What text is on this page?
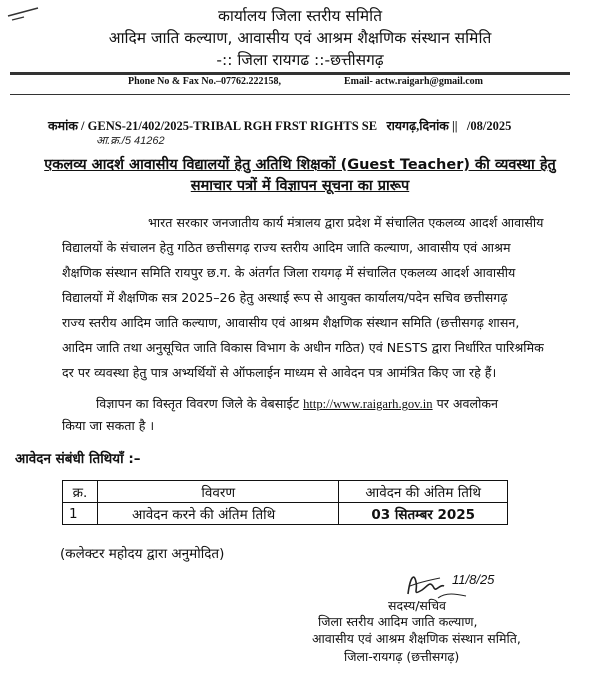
कार्यालय जिला स्तरीय समिति
आदिम जाति कल्याण, आवासीय एवं आश्रम शैक्षणिक संस्थान समिति
-:: जिला रायगढ ::-छत्तीसगढ़
Phone No & Fax No.–07762.222158,	Email- actw.raigarh@gmail.com
कमांक / GENS-21/402/2025-TRIBAL RGH FRST RIGHTS SE रायगढ़,दिनांक || /08/2025
आ.क्र./5 41262
एकलव्य आदर्श आवासीय विद्यालयों हेतु अतिथि शिक्षकों (Guest Teacher) की व्यवस्था हेतु
समाचार पत्रों में विज्ञापन सूचना का प्रारूप
भारत सरकार जनजातीय कार्य मंत्रालय द्वारा प्रदेश में संचालित एकलव्य आदर्श आवासीय
विद्यालयों के संचालन हेतु गठित छत्तीसगढ़ राज्य स्तरीय आदिम जाति कल्याण, आवासीय एवं आश्रम
शैक्षणिक संस्थान समिति रायपुर छ.ग. के अंतर्गत जिला रायगढ़ में संचालित एकलव्य आदर्श आवासीय
विद्यालयों में शैक्षणिक सत्र 2025–26 हेतु अस्थाई रूप से आयुक्त कार्यालय/पदेन सचिव छत्तीसगढ़
राज्य स्तरीय आदिम जाति कल्याण, आवासीय एवं आश्रम शैक्षणिक संस्थान समिति (छत्तीसगढ़ शासन,
आदिम जाति तथा अनुसूचित जाति विकास विभाग के अधीन गठित) एवं NESTS द्वारा निर्धारित पारिश्रमिक
दर पर व्यवस्था हेतु पात्र अभ्यर्थियों से ऑफलाईन माध्यम से आवेदन पत्र आमंत्रित किए जा रहे हैं।
विज्ञापन का विस्तृत विवरण जिले के वेबसाईट http://www.raigarh.gov.in पर अवलोकन
किया जा सकता है ।
आवेदन संबंधी तिथियाँ :–
क्र.	विवरण	आवेदन की अंतिम तिथि
1	आवेदन करने की अंतिम तिथि	03 सितम्बर 2025
(कलेक्टर महोदय द्वारा अनुमोदित)
11/8/25
सदस्य/सचिव
जिला स्तरीय आदिम जाति कल्याण,
आवासीय एवं आश्रम शैक्षणिक संस्थान समिति,
जिला-रायगढ़ (छत्तीसगढ़)
